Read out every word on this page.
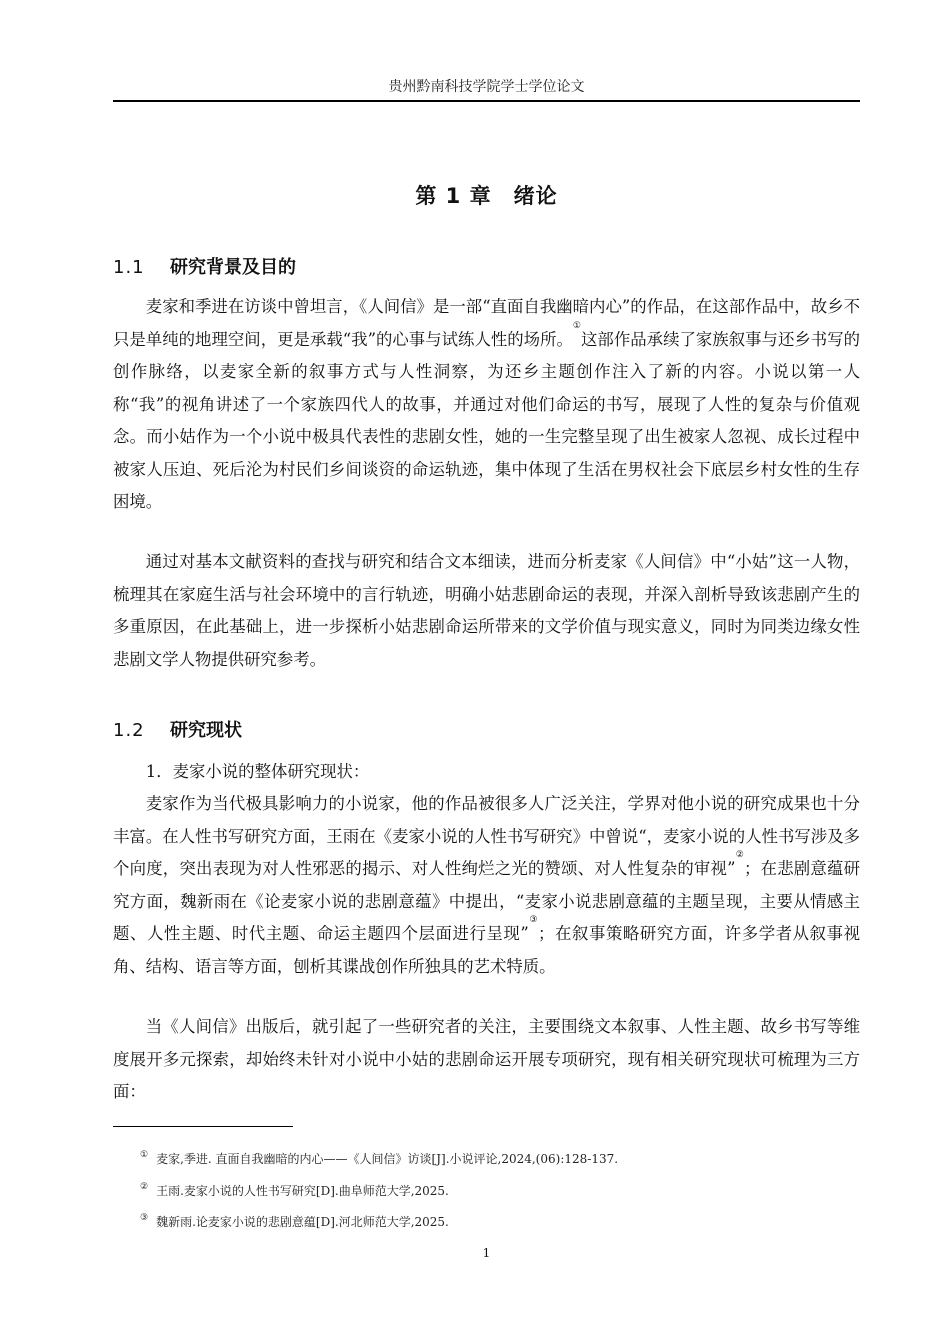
贵州黔南科技学院学士学位论文
第 1 章　绪论
1.1 研究背景及目的

麦家和季进在访谈中曾坦言，《人间信》是一部“直面自我幽暗内心”的作品，在这部作品中，故乡不只是单纯的地理空间，更是承载“我”的心事与试练人性的场所。①这部作品承续了家族叙事与还乡书写的创作脉络，以麦家全新的叙事方式与人性洞察，为还乡主题创作注入了新的内容。小说以第一人称“我”的视角讲述了一个家族四代人的故事，并通过对他们命运的书写，展现了人性的复杂与价值观念。而小姑作为一个小说中极具代表性的悲剧女性，她的一生完整呈现了出生被家人忽视、成长过程中被家人压迫、死后沦为村民们乡间谈资的命运轨迹，集中体现了生活在男权社会下底层乡村女性的生存困境。

通过对基本文献资料的查找与研究和结合文本细读，进而分析麦家《人间信》中“小姑”这一人物，梳理其在家庭生活与社会环境中的言行轨迹，明确小姑悲剧命运的表现，并深入剖析导致该悲剧产生的多重原因，在此基础上，进一步探析小姑悲剧命运所带来的文学价值与现实意义，同时为同类边缘女性悲剧文学人物提供研究参考。

1.2 研究现状

1．麦家小说的整体研究现状：

麦家作为当代极具影响力的小说家，他的作品被很多人广泛关注，学界对他小说的研究成果也十分丰富。在人性书写研究方面，王雨在《麦家小说的人性书写研究》中曾说“，麦家小说的人性书写涉及多个向度，突出表现为对人性邪恶的揭示、对人性绚烂之光的赞颂、对人性复杂的审视”②；在悲剧意蕴研究方面，魏新雨在《论麦家小说的悲剧意蕴》中提出，“麦家小说悲剧意蕴的主题呈现，主要从情感主题、人性主题、时代主题、命运主题四个层面进行呈现”③；在叙事策略研究方面，许多学者从叙事视角、结构、语言等方面，刨析其谍战创作所独具的艺术特质。

当《人间信》出版后，就引起了一些研究者的关注，主要围绕文本叙事、人性主题、故乡书写等维度展开多元探索，却始终未针对小说中小姑的悲剧命运开展专项研究，现有相关研究现状可梳理为三方面：

① 麦家,季进. 直面自我幽暗的内心——《人间信》访谈[J].小说评论,2024,(06):128-137.
② 王雨.麦家小说的人性书写研究[D].曲阜师范大学,2025.
③ 魏新雨.论麦家小说的悲剧意蕴[D].河北师范大学,2025.
1
